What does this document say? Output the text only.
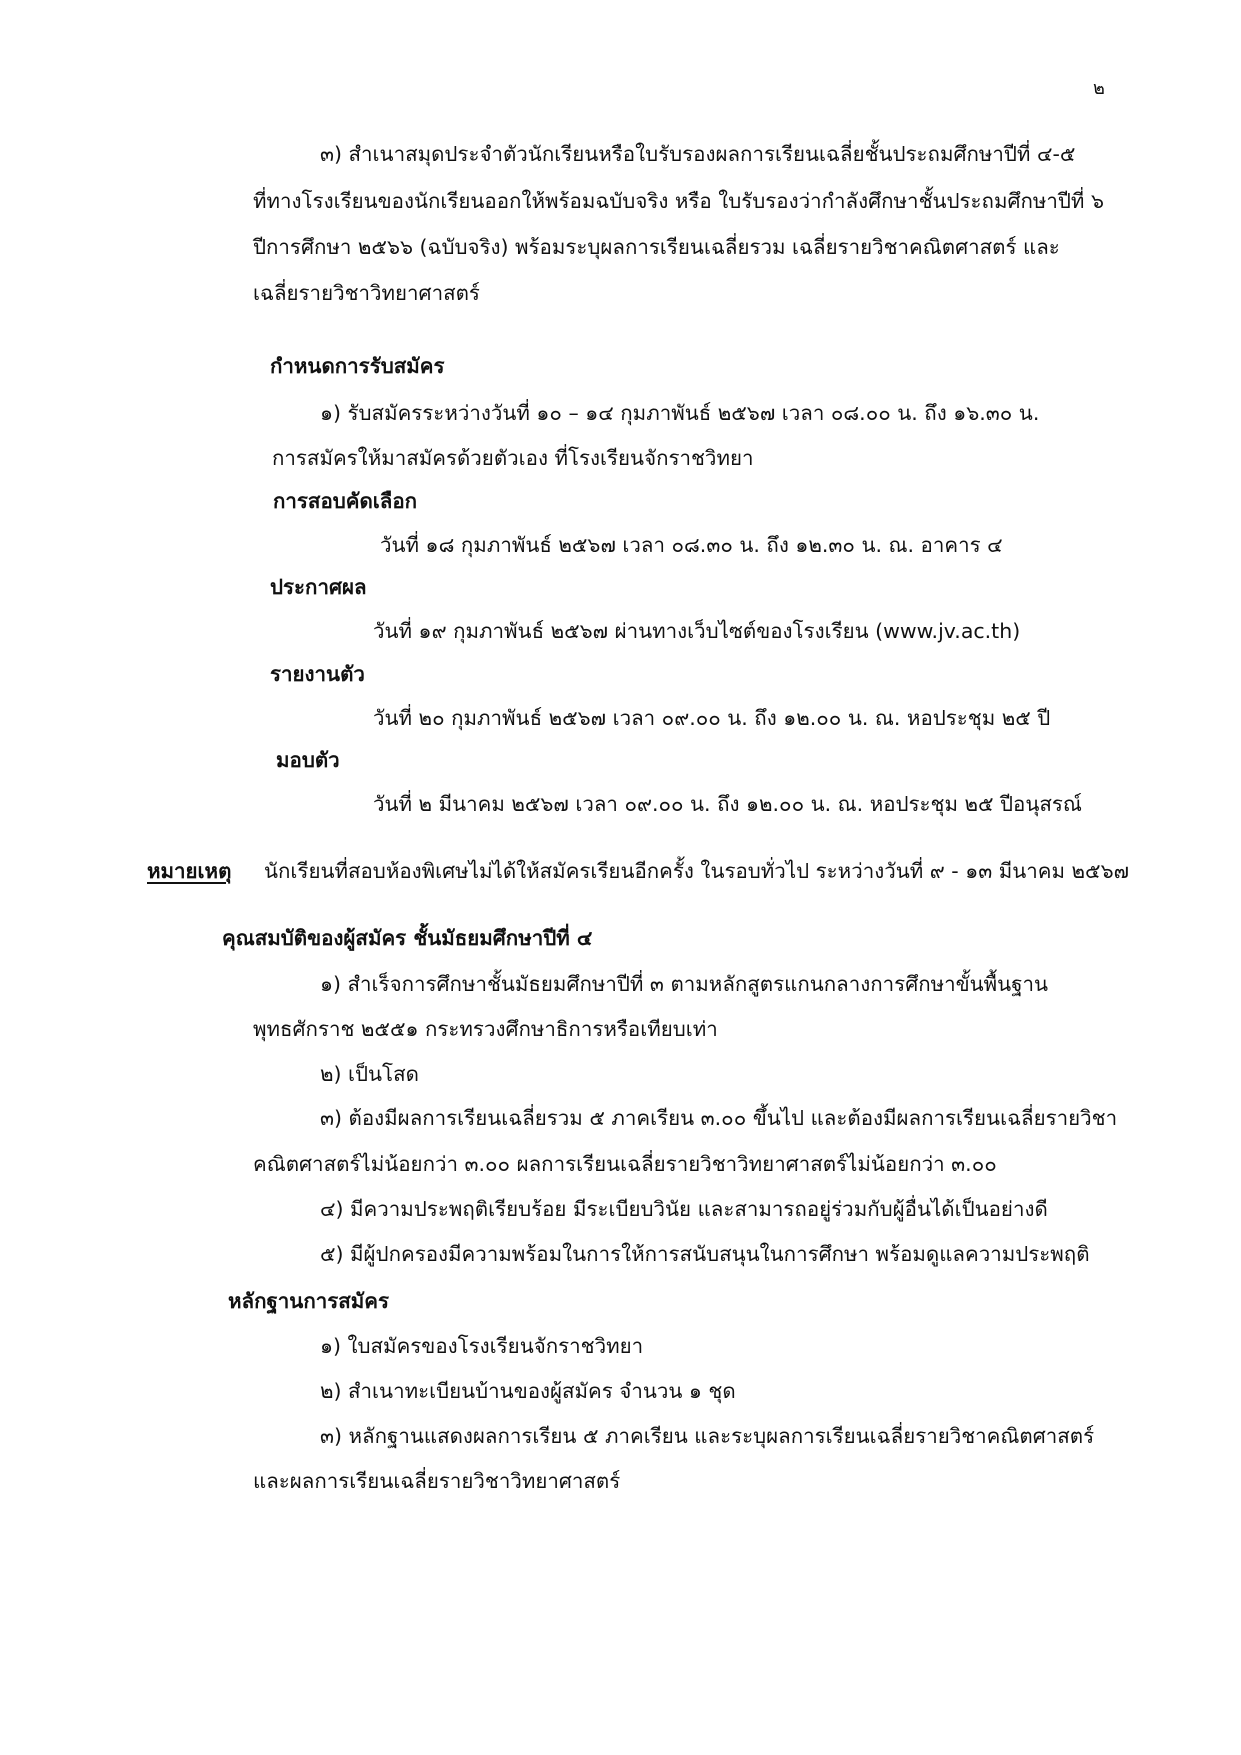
๒
๓) สำเนาสมุดประจำตัวนักเรียนหรือใบรับรองผลการเรียนเฉลี่ยชั้นประถมศึกษาปีที่ ๔-๕
ที่ทางโรงเรียนของนักเรียนออกให้พร้อมฉบับจริง หรือ ใบรับรองว่ากำลังศึกษาชั้นประถมศึกษาปีที่ ๖
ปีการศึกษา ๒๕๖๖ (ฉบับจริง) พร้อมระบุผลการเรียนเฉลี่ยรวม เฉลี่ยรายวิชาคณิตศาสตร์ และ
เฉลี่ยรายวิชาวิทยาศาสตร์
กำหนดการรับสมัคร
๑) รับสมัครระหว่างวันที่ ๑๐ – ๑๔ กุมภาพันธ์ ๒๕๖๗ เวลา ๐๘.๐๐ น. ถึง ๑๖.๓๐ น.
การสมัครให้มาสมัครด้วยตัวเอง ที่โรงเรียนจักราชวิทยา
การสอบคัดเลือก
วันที่ ๑๘ กุมภาพันธ์ ๒๕๖๗ เวลา ๐๘.๓๐ น. ถึง ๑๒.๓๐ น. ณ. อาคาร ๔
ประกาศผล
วันที่ ๑๙ กุมภาพันธ์ ๒๕๖๗ ผ่านทางเว็บไซต์ของโรงเรียน (www.jv.ac.th)
รายงานตัว
วันที่ ๒๐ กุมภาพันธ์ ๒๕๖๗ เวลา ๐๙.๐๐ น. ถึง ๑๒.๐๐ น. ณ. หอประชุม ๒๕ ปี
มอบตัว
วันที่ ๒ มีนาคม ๒๕๖๗ เวลา ๐๙.๐๐ น. ถึง ๑๒.๐๐ น. ณ. หอประชุม ๒๕ ปีอนุสรณ์
หมายเหตุ นักเรียนที่สอบห้องพิเศษไม่ได้ให้สมัครเรียนอีกครั้ง ในรอบทั่วไป ระหว่างวันที่ ๙ - ๑๓ มีนาคม ๒๕๖๗
คุณสมบัติของผู้สมัคร ชั้นมัธยมศึกษาปีที่ ๔
๑) สำเร็จการศึกษาชั้นมัธยมศึกษาปีที่ ๓ ตามหลักสูตรแกนกลางการศึกษาขั้นพื้นฐาน
พุทธศักราช ๒๕๕๑ กระทรวงศึกษาธิการหรือเทียบเท่า
๒) เป็นโสด
๓) ต้องมีผลการเรียนเฉลี่ยรวม ๕ ภาคเรียน ๓.๐๐ ขึ้นไป และต้องมีผลการเรียนเฉลี่ยรายวิชา
คณิตศาสตร์ไม่น้อยกว่า ๓.๐๐ ผลการเรียนเฉลี่ยรายวิชาวิทยาศาสตร์ไม่น้อยกว่า ๓.๐๐
๔) มีความประพฤติเรียบร้อย มีระเบียบวินัย และสามารถอยู่ร่วมกับผู้อื่นได้เป็นอย่างดี
๕) มีผู้ปกครองมีความพร้อมในการให้การสนับสนุนในการศึกษา พร้อมดูแลความประพฤติ
หลักฐานการสมัคร
๑) ใบสมัครของโรงเรียนจักราชวิทยา
๒) สำเนาทะเบียนบ้านของผู้สมัคร จำนวน ๑ ชุด
๓) หลักฐานแสดงผลการเรียน ๕ ภาคเรียน และระบุผลการเรียนเฉลี่ยรายวิชาคณิตศาสตร์
และผลการเรียนเฉลี่ยรายวิชาวิทยาศาสตร์
